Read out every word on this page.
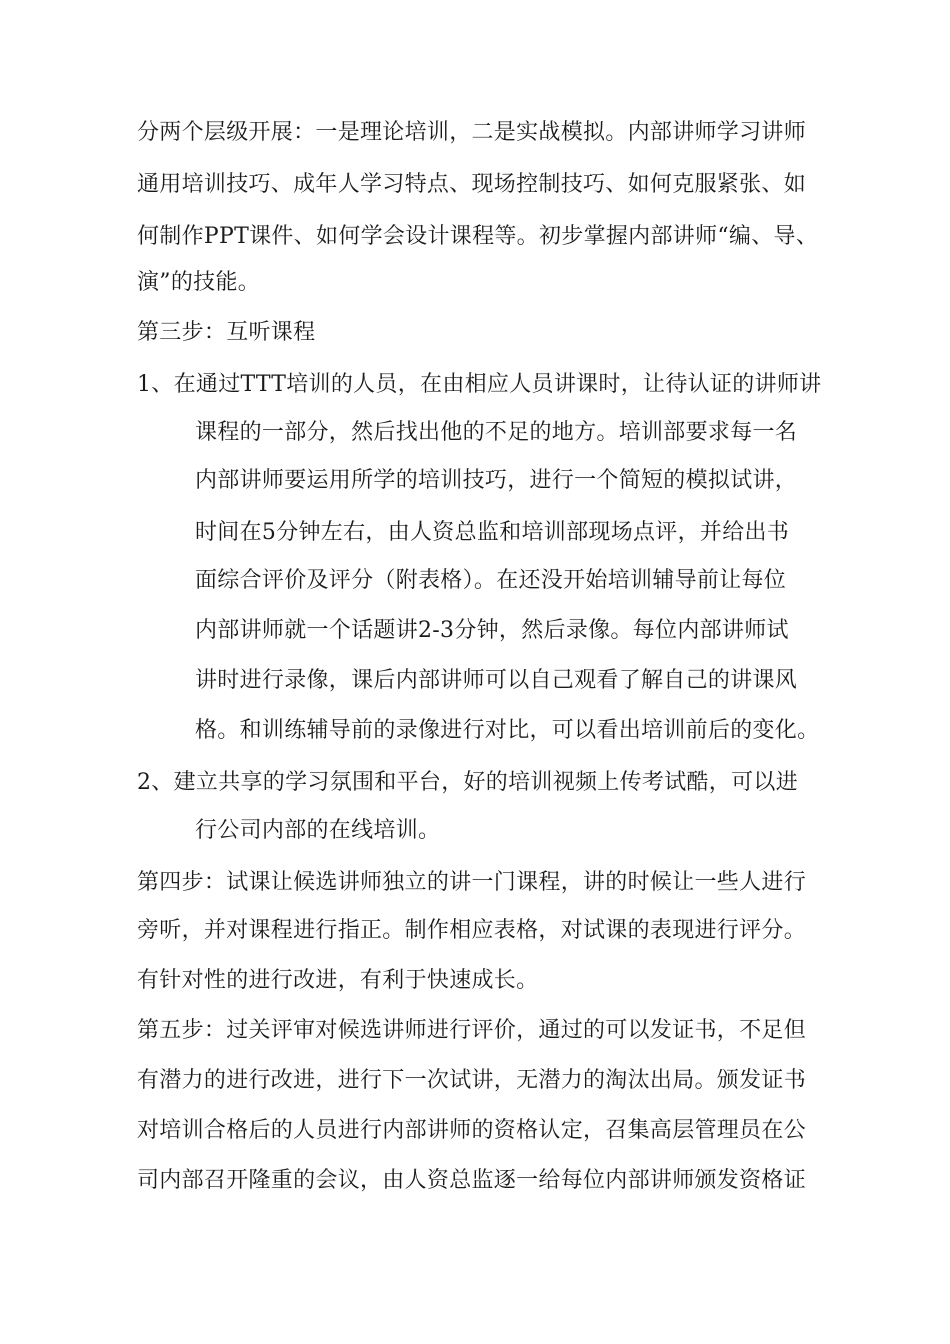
分两个层级开展：一是理论培训，二是实战模拟。内部讲师学习讲师
通用培训技巧、成年人学习特点、现场控制技巧、如何克服紧张、如
何制作PPT课件、如何学会设计课程等。初步掌握内部讲师“编、导、
演”的技能。
第三步：互听课程
1、在通过TTT培训的人员，在由相应人员讲课时，让待认证的讲师讲
课程的一部分，然后找出他的不足的地方。培训部要求每一名
内部讲师要运用所学的培训技巧，进行一个简短的模拟试讲，
时间在5分钟左右，由人资总监和培训部现场点评，并给出书
面综合评价及评分（附表格）。在还没开始培训辅导前让每位
内部讲师就一个话题讲2-3分钟，然后录像。每位内部讲师试
讲时进行录像，课后内部讲师可以自己观看了解自己的讲课风
格。和训练辅导前的录像进行对比，可以看出培训前后的变化。
2、建立共享的学习氛围和平台，好的培训视频上传考试酷，可以进
行公司内部的在线培训。
第四步：试课让候选讲师独立的讲一门课程，讲的时候让一些人进行
旁听，并对课程进行指正。制作相应表格，对试课的表现进行评分。
有针对性的进行改进，有利于快速成长。
第五步：过关评审对候选讲师进行评价，通过的可以发证书，不足但
有潜力的进行改进，进行下一次试讲，无潜力的淘汰出局。颁发证书
对培训合格后的人员进行内部讲师的资格认定，召集高层管理员在公
司内部召开隆重的会议，由人资总监逐一给每位内部讲师颁发资格证
